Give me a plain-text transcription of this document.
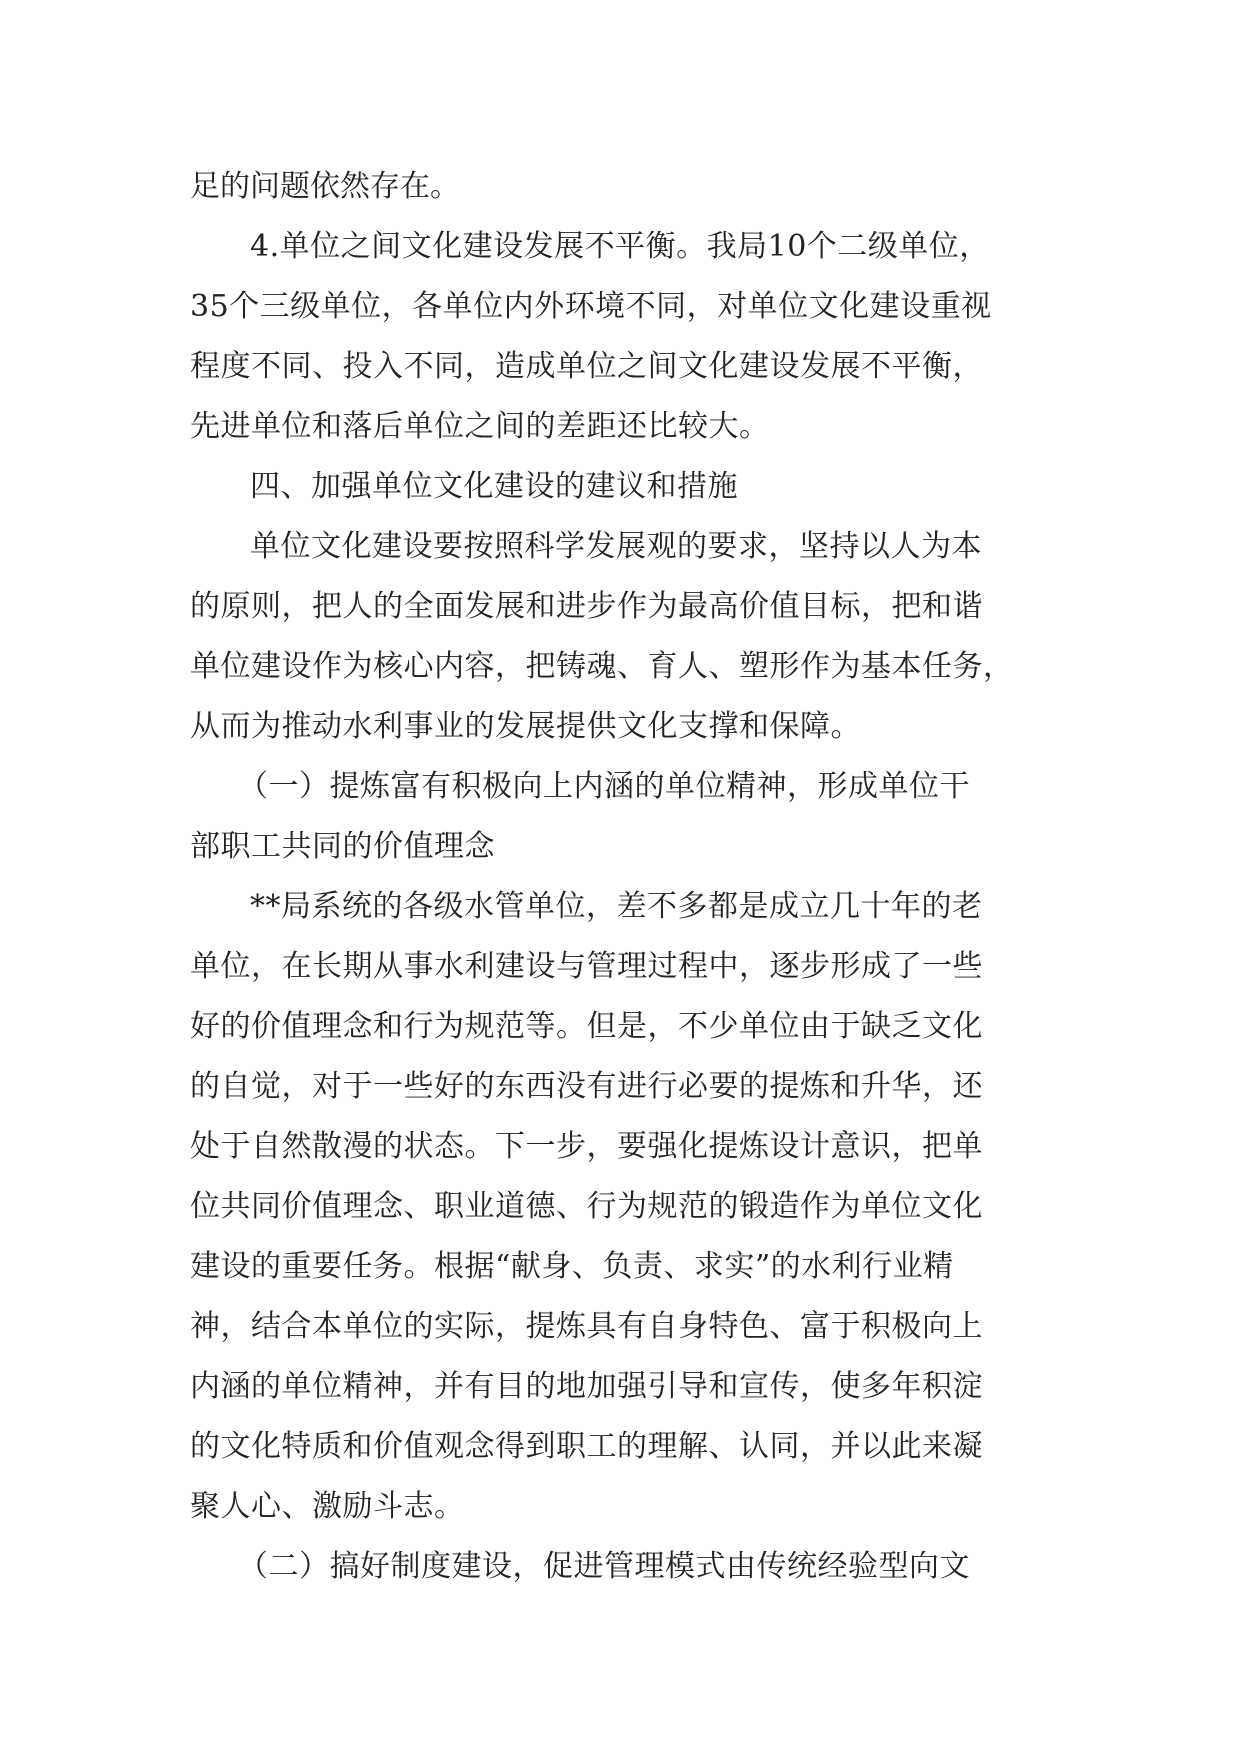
足的问题依然存在。
4.单位之间文化建设发展不平衡。我局10个二级单位，
35个三级单位，各单位内外环境不同，对单位文化建设重视
程度不同、投入不同，造成单位之间文化建设发展不平衡，
先进单位和落后单位之间的差距还比较大。
四、加强单位文化建设的建议和措施
单位文化建设要按照科学发展观的要求，坚持以人为本
的原则，把人的全面发展和进步作为最高价值目标，把和谐
单位建设作为核心内容，把铸魂、育人、塑形作为基本任务，
从而为推动水利事业的发展提供文化支撑和保障。
（一）提炼富有积极向上内涵的单位精神，形成单位干
部职工共同的价值理念
**局系统的各级水管单位，差不多都是成立几十年的老
单位，在长期从事水利建设与管理过程中，逐步形成了一些
好的价值理念和行为规范等。但是，不少单位由于缺乏文化
的自觉，对于一些好的东西没有进行必要的提炼和升华，还
处于自然散漫的状态。下一步，要强化提炼设计意识，把单
位共同价值理念、职业道德、行为规范的锻造作为单位文化
建设的重要任务。根据“献身、负责、求实”的水利行业精
神，结合本单位的实际，提炼具有自身特色、富于积极向上
内涵的单位精神，并有目的地加强引导和宣传，使多年积淀
的文化特质和价值观念得到职工的理解、认同，并以此来凝
聚人心、激励斗志。
（二）搞好制度建设，促进管理模式由传统经验型向文
